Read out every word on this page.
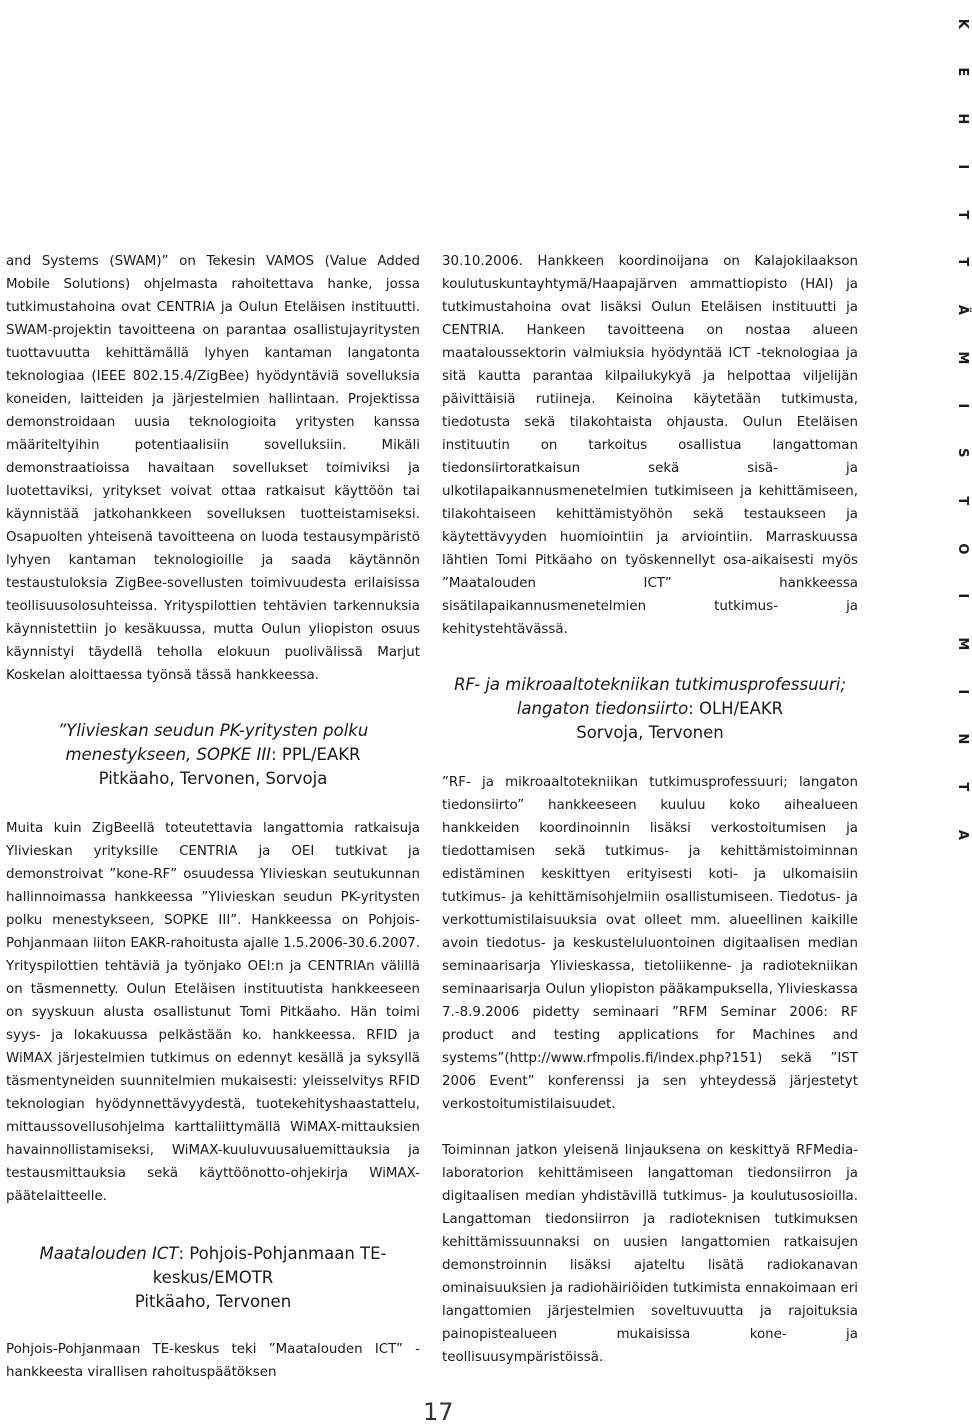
K
E
H
I
T
T
Ä
M
I
S
T
O
I
M
I
N
T
A

and Systems (SWAM)” on Tekesin VAMOS (Value Added Mobile Solutions) ohjelmasta rahoitettava hanke, jossa tutkimustahoina ovat CENTRIA ja Oulun Eteläisen instituutti. SWAM-projektin tavoitteena on parantaa osallistujayritysten tuottavuutta kehittämällä lyhyen kantaman langatonta teknologiaa (IEEE 802.15.4/ZigBee) hyödyntäviä sovelluksia koneiden, laitteiden ja järjestelmien hallintaan. Projektissa demonstroidaan uusia teknologioita yritysten kanssa määriteltyihin potentiaalisiin sovelluksiin. Mikäli demonstraatioissa havaitaan sovellukset toimiviksi ja luotettaviksi, yritykset voivat ottaa ratkaisut käyttöön tai käynnistää jatkohankkeen sovelluksen tuotteistamiseksi. Osapuolten yhteisenä tavoitteena on luoda testausympäristö lyhyen kantaman teknologioille ja saada käytännön testaustuloksia ZigBee-sovellusten toimivuudesta erilaisissa teollisuusolosuhteissa. Yrityspilottien tehtävien tarkennuksia käynnistettiin jo kesäkuussa, mutta Oulun yliopiston osuus käynnistyi täydellä teholla elokuun puolivälissä Marjut Koskelan aloittaessa työnsä tässä hankkeessa.

”Ylivieskan seudun PK-yritysten polku menestykseen, SOPKE III: PPL/EAKR
Pitkäaho, Tervonen, Sorvoja

Muita kuin ZigBeellä toteutettavia langattomia ratkaisuja Ylivieskan yrityksille CENTRIA ja OEI tutkivat ja demonstroivat ”kone-RF” osuudessa Ylivieskan seutukunnan hallinnoimassa hankkeessa ”Ylivieskan seudun PK-yritysten polku menestykseen, SOPKE III”. Hankkeessa on Pohjois-Pohjanmaan liiton EAKR-rahoitusta ajalle 1.5.2006-30.6.2007. Yrityspilottien tehtäviä ja työnjako OEI:n ja CENTRIAn välillä on täsmennetty. Oulun Eteläisen instituutista hankkeeseen on syyskuun alusta osallistunut Tomi Pitkäaho. Hän toimi syys- ja lokakuussa pelkästään ko. hankkeessa. RFID ja WiMAX järjestelmien tutkimus on edennyt kesällä ja syksyllä täsmentyneiden suunnitelmien mukaisesti: yleisselvitys RFID teknologian hyödynnettävyydestä, tuotekehityshaastattelu, mittaussovellusohjelma karttaliittymällä WiMAX-mittauksien havainnollistamiseksi, WiMAX-kuuluvuusaluemittauksia ja testausmittauksia sekä käyttöönotto-ohjekirja WiMAX-päätelaitteelle.

Maatalouden ICT: Pohjois-Pohjanmaan TE-keskus/EMOTR
Pitkäaho, Tervonen

Pohjois-Pohjanmaan TE-keskus teki ”Maatalouden ICT” -hankkeesta virallisen rahoituspäätöksen

30.10.2006. Hankkeen koordinoijana on Kalajokilaakson koulutuskuntayhtymä/Haapajärven ammattiopisto (HAI) ja tutkimustahoina ovat lisäksi Oulun Eteläisen instituutti ja CENTRIA. Hankeen tavoitteena on nostaa alueen maataloussektorin valmiuksia hyödyntää ICT -teknologiaa ja sitä kautta parantaa kilpailukykyä ja helpottaa viljelijän päivittäisiä rutiineja. Keinoina käytetään tutkimusta, tiedotusta sekä tilakohtaista ohjausta. Oulun Eteläisen instituutin on tarkoitus osallistua langattoman tiedonsiirtoratkaisun sekä sisä- ja ulkotilapaikannusmenetelmien tutkimiseen ja kehittämiseen, tilakohtaiseen kehittämistyöhön sekä testaukseen ja käytettävyyden huomiointiin ja arviointiin. Marraskuussa lähtien Tomi Pitkäaho on työskennellyt osa-aikaisesti myös ”Maatalouden ICT” hankkeessa sisätilapaikannusmenetelmien tutkimus- ja kehitystehtävässä.

RF- ja mikroaaltotekniikan tutkimusprofessuuri;
langaton tiedonsiirto: OLH/EAKR
Sorvoja, Tervonen

”RF- ja mikroaaltotekniikan tutkimusprofessuuri; langaton tiedonsiirto” hankkeeseen kuuluu koko aihealueen hankkeiden koordinoinnin lisäksi verkostoitumisen ja tiedottamisen sekä tutkimus- ja kehittämistoiminnan edistäminen keskittyen erityisesti koti- ja ulkomaisiin tutkimus- ja kehittämisohjelmiin osallistumiseen. Tiedotus- ja verkottumistilaisuuksia ovat olleet mm. alueellinen kaikille avoin tiedotus- ja keskusteluluontoinen digitaalisen median seminaarisarja Ylivieskassa, tietoliikenne- ja radiotekniikan seminaarisarja Oulun yliopiston pääkampuksella, Ylivieskassa 7.-8.9.2006 pidetty seminaari ”RFM Seminar 2006: RF product and testing applications for Machines and systems”(http://www.rfmpolis.fi/index.php?151) sekä ”IST 2006 Event” konferenssi ja sen yhteydessä järjestetyt verkostoitumistilaisuudet.

Toiminnan jatkon yleisenä linjauksena on keskittyä RFMedia-laboratorion kehittämiseen langattoman tiedonsiirron ja digitaalisen median yhdistävillä tutkimus- ja koulutusosioilla. Langattoman tiedonsiirron ja radioteknisen tutkimuksen kehittämissuunnaksi on uusien langattomien ratkaisujen demonstroinnin lisäksi ajateltu lisätä radiokanavan ominaisuuksien ja radiohäiriöiden tutkimista ennakoimaan eri langattomien järjestelmien soveltuvuutta ja rajoituksia painopistealueen mukaisissa kone- ja teollisuusympäristöissä.

17
